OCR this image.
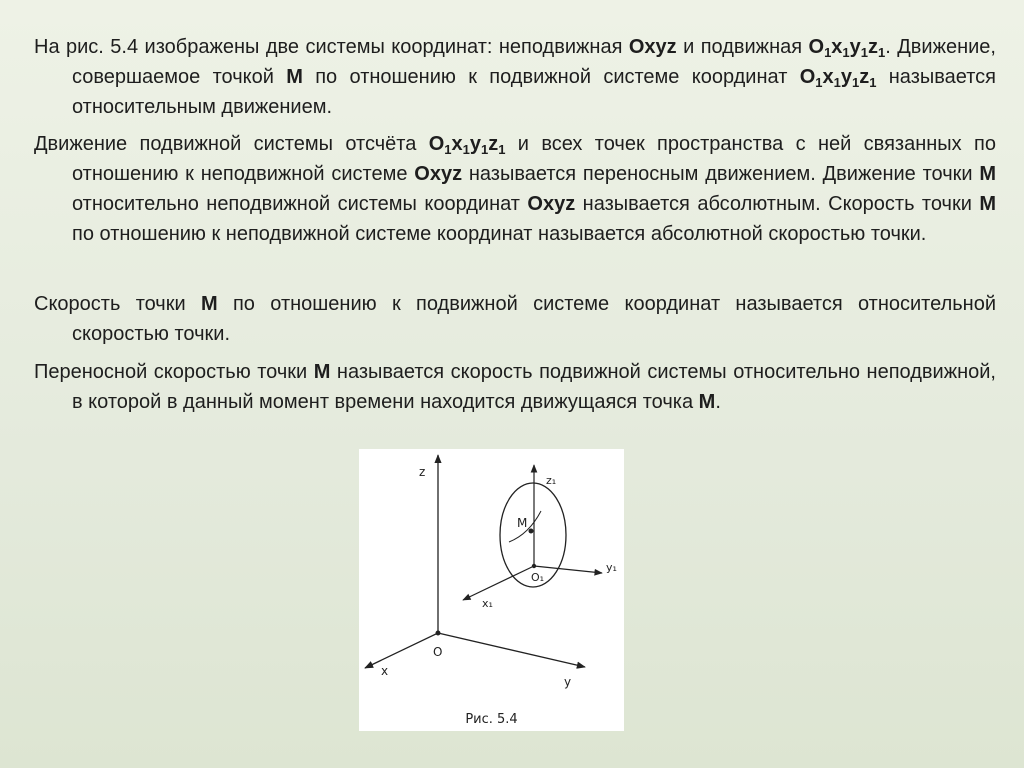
На рис. 5.4 изображены две системы координат: неподвижная Oxyz и подвижная $O_1x_1y_1z_1$. Движение, совершаемое точкой M по отношению к подвижной системе координат $O_1x_1y_1z_1$ называется относительным движением.
Движение подвижной системы отсчёта $O_1x_1y_1z_1$ и всех точек пространства с ней связанных по отношению к неподвижной системе Oxyz называется переносным движением. Движение точки M относительно неподвижной системы координат Oxyz называется абсолютным. Скорость точки M по отношению к неподвижной системе координат называется абсолютной скоростью точки.
Скорость точки M по отношению к подвижной системе координат называется относительной скоростью точки.
Переносной скоростью точки M называется скорость подвижной системы относительно неподвижной, в которой в данный момент времени находится движущаяся точка M.
z
x
y
O
z₁
y₁
x₁
O₁
M
Рис. 5.4
